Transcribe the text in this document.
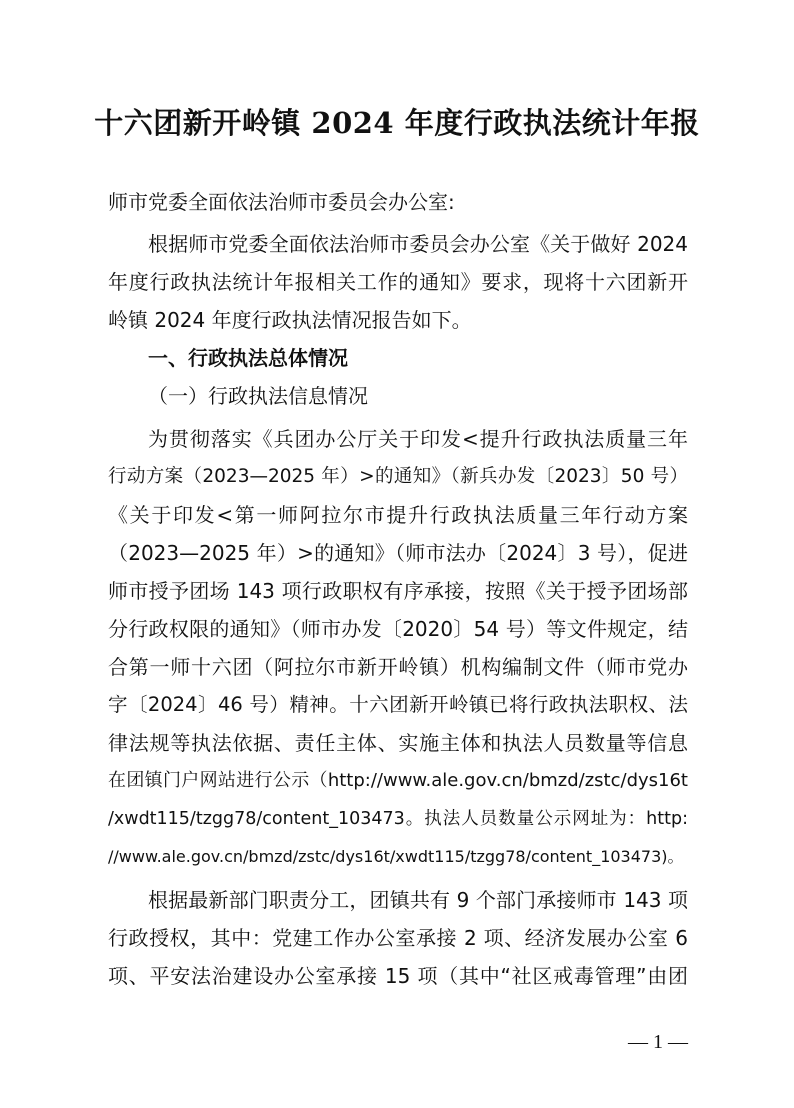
十六团新开岭镇 2024 年度行政执法统计年报
师市党委全面依法治师市委员会办公室:
根据师市党委全面依法治师市委员会办公室《关于做好 2024
年度行政执法统计年报相关工作的通知》要求，现将十六团新开
岭镇 2024 年度行政执法情况报告如下。
一、行政执法总体情况
（一）行政执法信息情况
为贯彻落实《兵团办公厅关于印发<提升行政执法质量三年
行动方案（2023—2025 年）>的通知》（新兵办发〔2023〕50 号）
《关于印发<第一师阿拉尔市提升行政执法质量三年行动方案
（2023—2025 年）>的通知》（师市法办〔2024〕3 号），促进
师市授予团场 143 项行政职权有序承接，按照《关于授予团场部
分行政权限的通知》（师市办发〔2020〕54 号）等文件规定，结
合第一师十六团（阿拉尔市新开岭镇）机构编制文件（师市党办
字〔2024〕46 号）精神。十六团新开岭镇已将行政执法职权、法
律法规等执法依据、责任主体、实施主体和执法人员数量等信息
在团镇门户网站进行公示（http://www.ale.gov.cn/bmzd/zstc/dys16t
/xwdt115/tzgg78/content_103473。执法人员数量公示网址为：http:
//www.ale.gov.cn/bmzd/zstc/dys16t/xwdt115/tzgg78/content_103473)。
根据最新部门职责分工，团镇共有 9 个部门承接师市 143 项
行政授权，其中：党建工作办公室承接 2 项、经济发展办公室 6
项、平安法治建设办公室承接 15 项（其中“社区戒毒管理”由团
— 1 —
